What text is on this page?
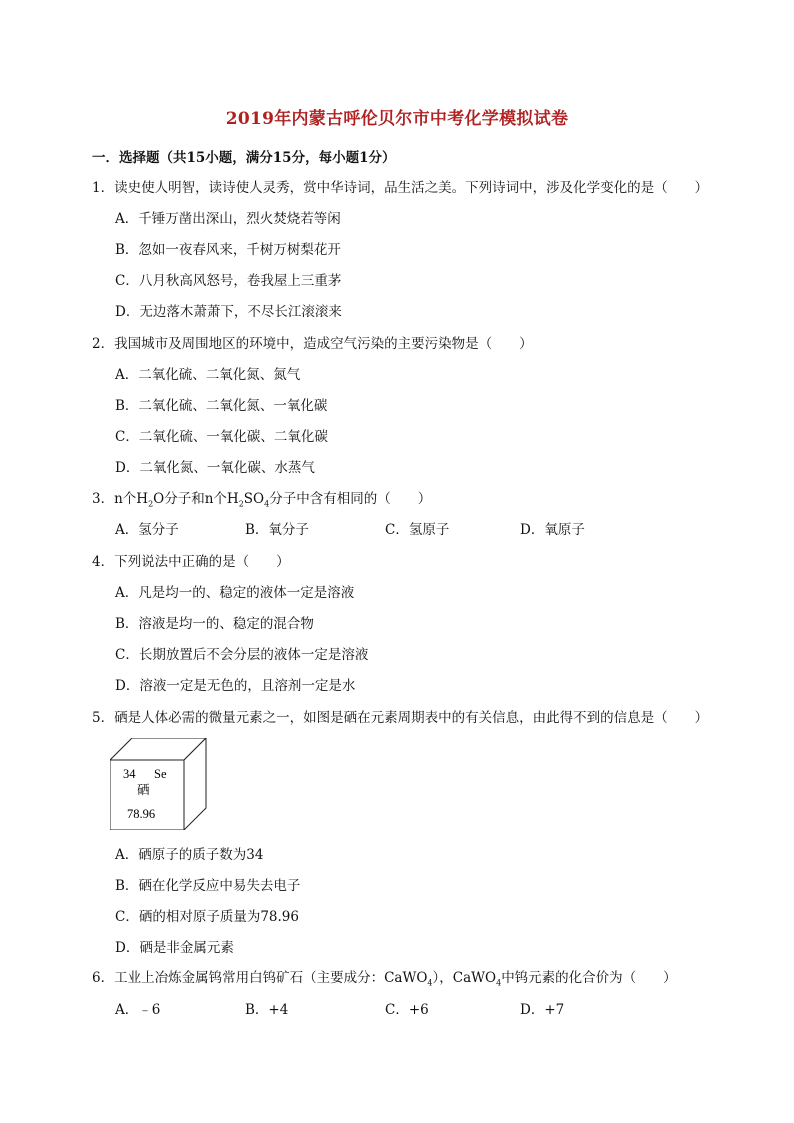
2019年内蒙古呼伦贝尔市中考化学模拟试卷
一．选择题（共15小题，满分15分，每小题1分）
1．读史使人明智，读诗使人灵秀，赏中华诗词，品生活之美。下列诗词中，涉及化学变化的是（　　）
A．千锤万凿出深山，烈火焚烧若等闲
B．忽如一夜春风来，千树万树梨花开
C．八月秋高风怒号，卷我屋上三重茅
D．无边落木萧萧下，不尽长江滚滚来
2．我国城市及周围地区的环境中，造成空气污染的主要污染物是（　　）
A．二氧化硫、二氧化氮、氮气
B．二氧化硫、二氧化氮、一氧化碳
C．二氧化硫、一氧化碳、二氧化碳
D．二氧化氮、一氧化碳、水蒸气
3．n个$H_2O$分子和n个$H_2SO_4$分子中含有相同的（　　）
A．氢分子	B．氧分子	C．氢原子	D．氧原子
4．下列说法中正确的是（　　）
A．凡是均一的、稳定的液体一定是溶液
B．溶液是均一的、稳定的混合物
C．长期放置后不会分层的液体一定是溶液
D．溶液一定是无色的，且溶剂一定是水
5．硒是人体必需的微量元素之一，如图是硒在元素周期表中的有关信息，由此得不到的信息是（　　）
34 Se
硒
78.96
A．硒原子的质子数为34
B．硒在化学反应中易失去电子
C．硒的相对原子质量为78.96
D．硒是非金属元素
6．工业上冶炼金属钨常用白钨矿石（主要成分：CaWO$_4$），CaWO$_4$中钨元素的化合价为（　　）
A．﹣6	B．+4	C．+6	D．+7
